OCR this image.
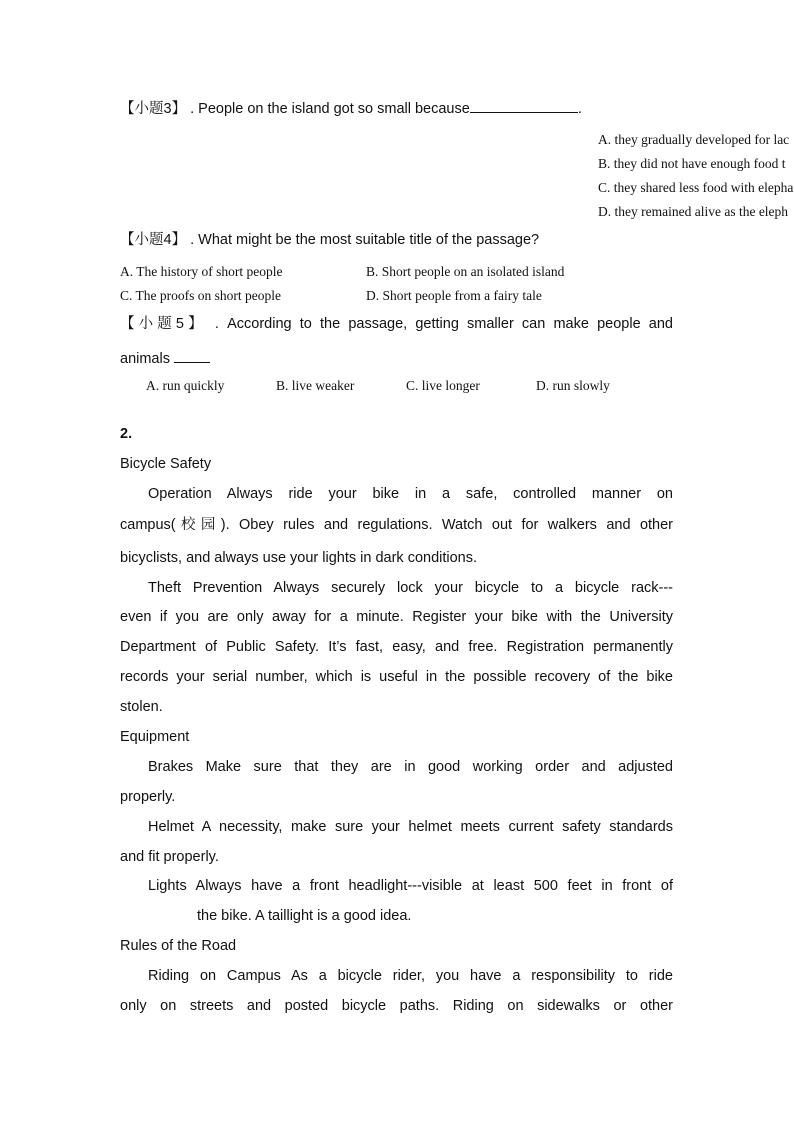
【小题3】 . People on the island got so small because	.
A. they gradually developed for lac
B. they did not have enough food t
C. they shared less food with elepha
D. they remained alive as the eleph
【小题4】 . What might be the most suitable title of the passage?
A. The history of short people	B. Short people on an isolated island
C. The proofs on short people	D. Short people from a fairy tale
【小题5】 . According to the passage, getting smaller can make people and
animals
A. run quickly	B. live weaker	C. live longer	D. run slowly
2.
Bicycle Safety
Operation Always ride your bike in a safe, controlled manner on
campus(校园). Obey rules and regulations. Watch out for walkers and other
bicyclists, and always use your lights in dark conditions.
Theft Prevention Always securely lock your bicycle to a bicycle rack---
even if you are only away for a minute. Register your bike with the University
Department of Public Safety. It’s fast, easy, and free. Registration permanently
records your serial number, which is useful in the possible recovery of the bike
stolen.
Equipment
Brakes Make sure that they are in good working order and adjusted
properly.
Helmet A necessity, make sure your helmet meets current safety standards
and fit properly.
Lights Always have a front headlight---visible at least 500 feet in front of
the bike. A taillight is a good idea.
Rules of the Road
Riding on Campus As a bicycle rider, you have a responsibility to ride
only on streets and posted bicycle paths. Riding on sidewalks or other
